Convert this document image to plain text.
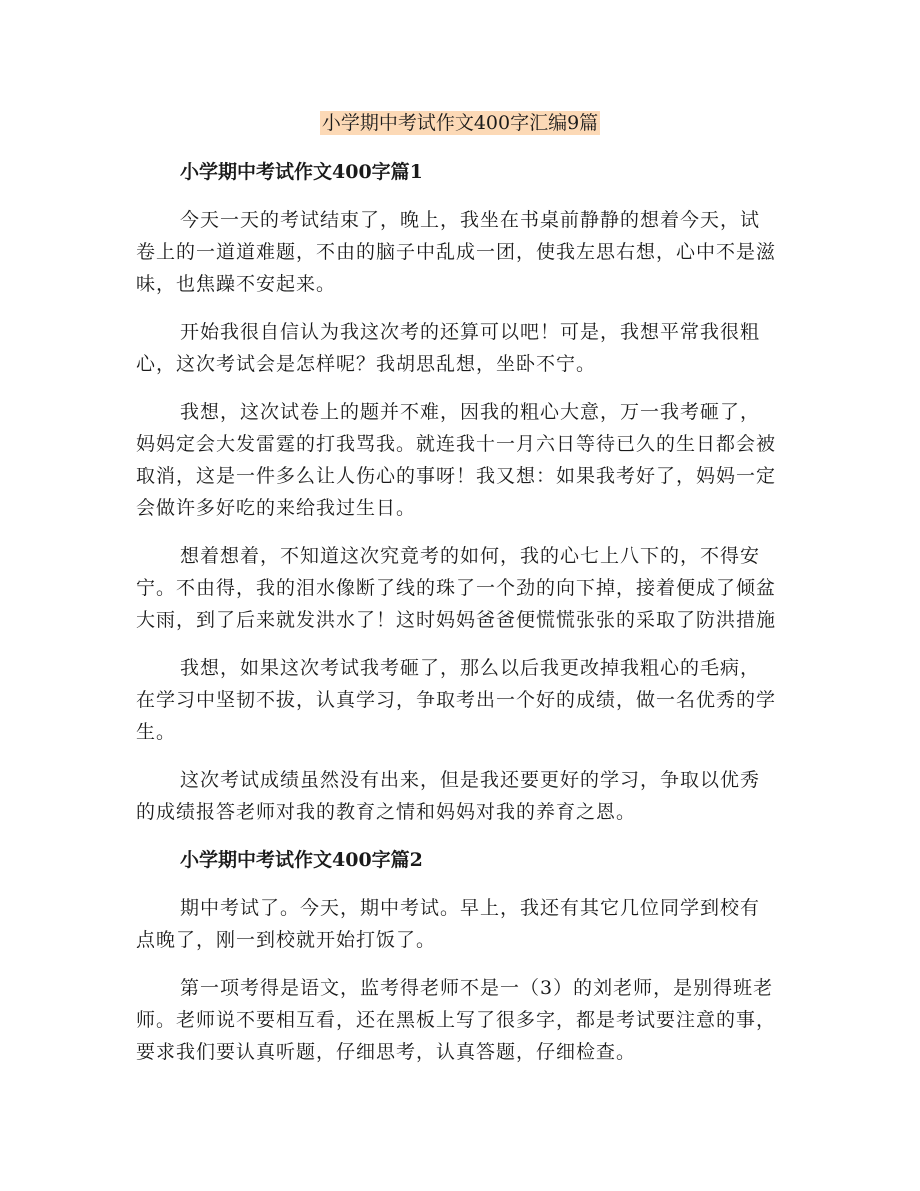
小学期中考试作文400字汇编9篇
小学期中考试作文400字篇1

今天一天的考试结束了，晚上，我坐在书桌前静静的想着今天，试卷上的一道道难题，不由的脑子中乱成一团，使我左思右想，心中不是滋味，也焦躁不安起来。

开始我很自信认为我这次考的还算可以吧！可是，我想平常我很粗心，这次考试会是怎样呢？我胡思乱想，坐卧不宁。

我想，这次试卷上的题并不难，因我的粗心大意，万一我考砸了，妈妈定会大发雷霆的打我骂我。就连我十一月六日等待已久的生日都会被取消，这是一件多么让人伤心的事呀！我又想：如果我考好了，妈妈一定会做许多好吃的来给我过生日。

想着想着，不知道这次究竟考的如何，我的心七上八下的，不得安宁。不由得，我的泪水像断了线的珠了一个劲的向下掉，接着便成了倾盆大雨，到了后来就发洪水了！这时妈妈爸爸便慌慌张张的采取了防洪措施

我想，如果这次考试我考砸了，那么以后我更改掉我粗心的毛病，在学习中坚韧不拔，认真学习，争取考出一个好的成绩，做一名优秀的学生。

这次考试成绩虽然没有出来，但是我还要更好的学习，争取以优秀的成绩报答老师对我的教育之情和妈妈对我的养育之恩。

小学期中考试作文400字篇2

期中考试了。今天，期中考试。早上，我还有其它几位同学到校有点晚了，刚一到校就开始打饭了。

第一项考得是语文，监考得老师不是一（3）的刘老师，是别得班老师。老师说不要相互看，还在黑板上写了很多字，都是考试要注意的事，要求我们要认真听题，仔细思考，认真答题，仔细检查。
